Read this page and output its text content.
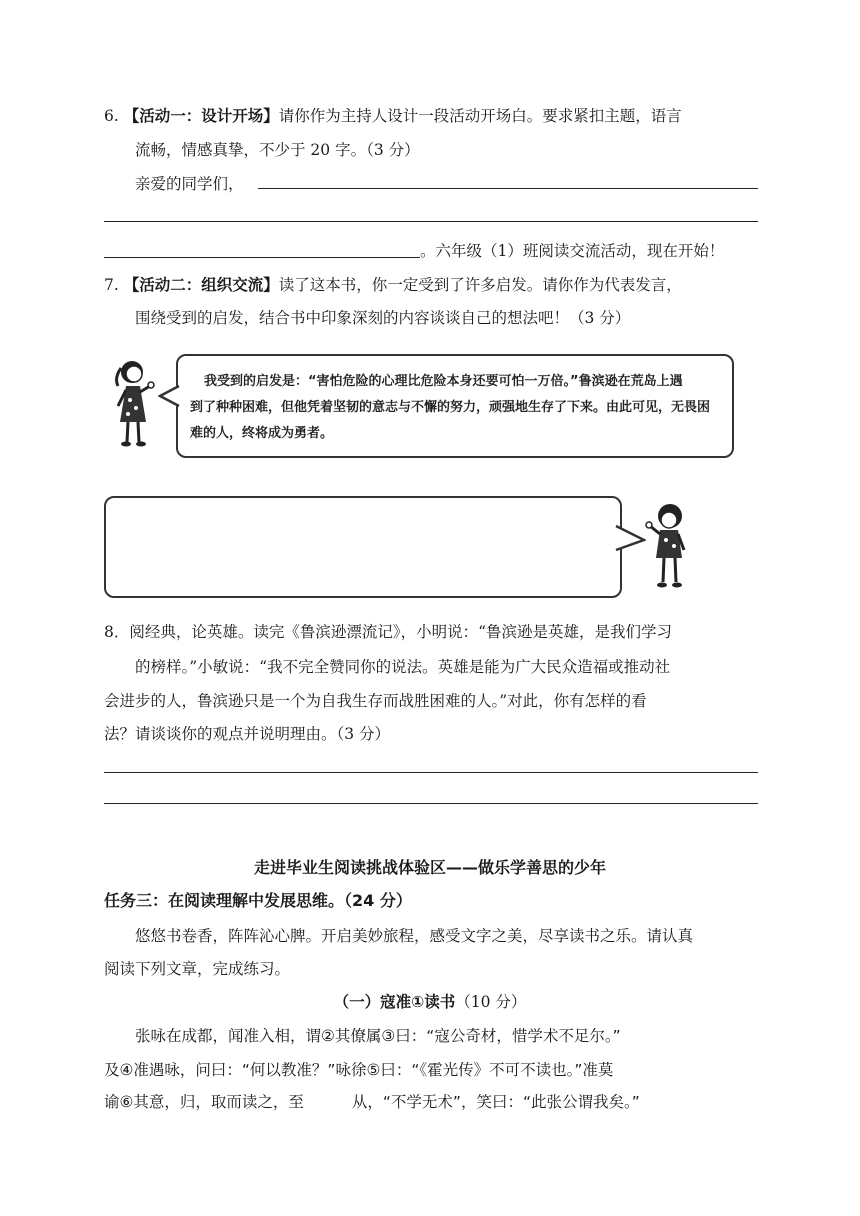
6. 【活动一：设计开场】请你作为主持人设计一段活动开场白。要求紧扣主题，语言
流畅，情感真挚，不少于 20 字。（3 分）
亲爱的同学们，
。六年级（1）班阅读交流活动，现在开始！
7. 【活动二：组织交流】读了这本书，你一定受到了许多启发。请你作为代表发言，
围绕受到的启发，结合书中印象深刻的内容谈谈自己的想法吧！（3 分）
我受到的启发是：“害怕危险的心理比危险本身还要可怕一万倍。”鲁滨逊在荒岛上遇
到了种种困难，但他凭着坚韧的意志与不懈的努力，顽强地生存了下来。由此可见，无畏困
难的人，终将成为勇者。
8．阅经典，论英雄。读完《鲁滨逊漂流记》，小明说：“鲁滨逊是英雄，是我们学习
的榜样。”小敏说：“我不完全赞同你的说法。英雄是能为广大民众造福或推动社
会进步的人，鲁滨逊只是一个为自我生存而战胜困难的人。”对此，你有怎样的看
法？请谈谈你的观点并说明理由。（3 分）
走进毕业生阅读挑战体验区——做乐学善思的少年
任务三：在阅读理解中发展思维。（24 分）
悠悠书卷香，阵阵沁心脾。开启美妙旅程，感受文字之美，尽享读书之乐。请认真
阅读下列文章，完成练习。
（一）寇准①读书（10 分）
张咏在成都，闻准入相，谓②其僚属③曰：“寇公奇材，惜学术不足尔。”
及④准遇咏，问曰：“何以教准？”咏徐⑤曰：“《霍光传》不可不读也。”准莫
谕⑥其意，归，取而读之，至	从，“不学无术”，笑曰：“此张公谓我矣。”
